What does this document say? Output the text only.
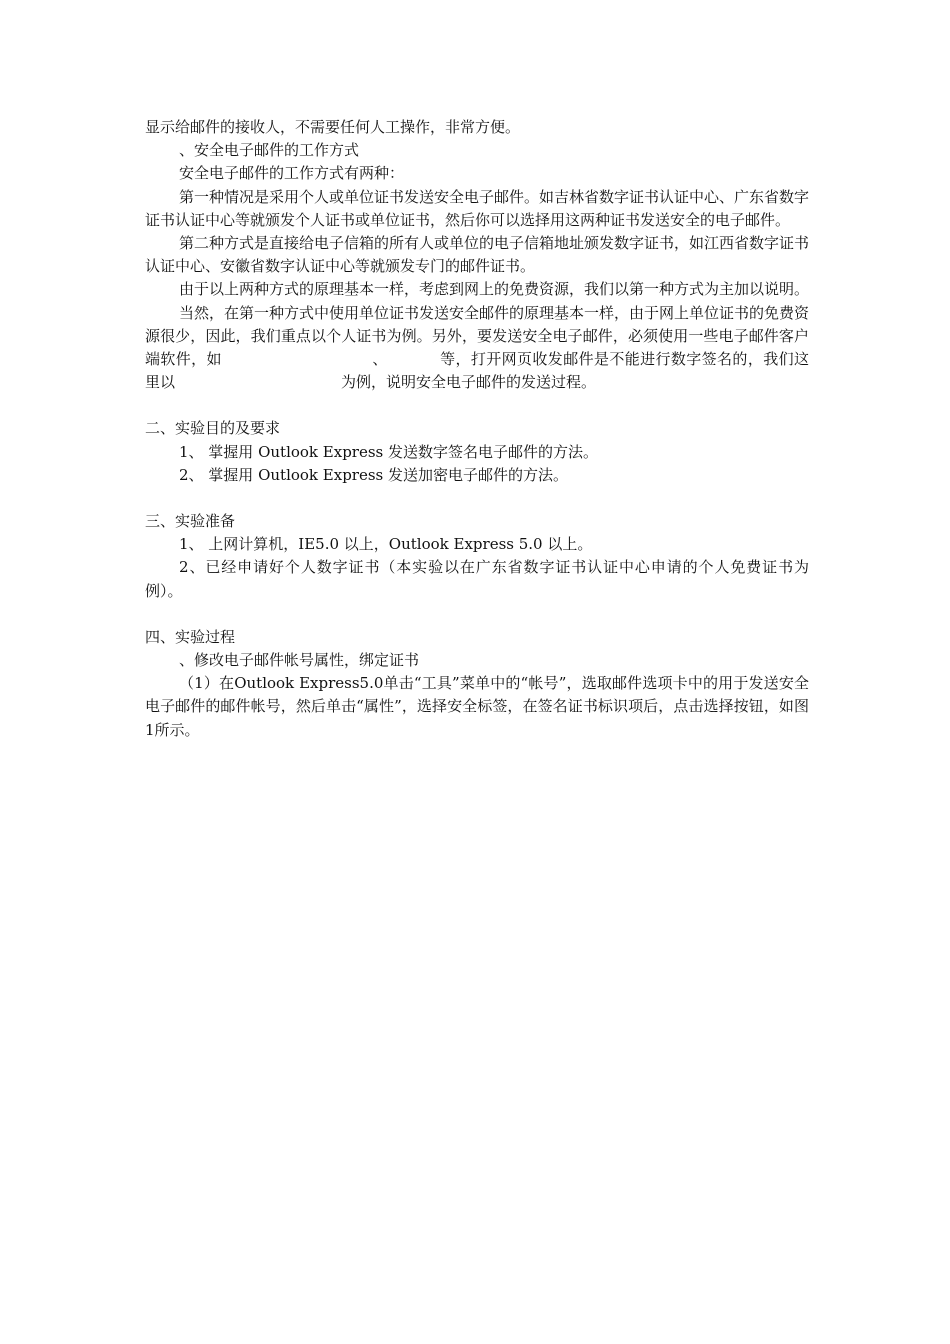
显示给邮件的接收人，不需要任何人工操作，非常方便。

、安全电子邮件的工作方式

安全电子邮件的工作方式有两种：

第一种情况是采用个人或单位证书发送安全电子邮件。如吉林省数字证书认证中心、广东省数字证书认证中心等就颁发个人证书或单位证书，然后你可以选择用这两种证书发送安全的电子邮件。

第二种方式是直接给电子信箱的所有人或单位的电子信箱地址颁发数字证书，如江西省数字证书认证中心、安徽省数字认证中心等就颁发专门的邮件证书。

由于以上两种方式的原理基本一样，考虑到网上的免费资源，我们以第一种方式为主加以说明。

当然，在第一种方式中使用单位证书发送安全邮件的原理基本一样，由于网上单位证书的免费资源很少，因此，我们重点以个人证书为例。另外，要发送安全电子邮件，必须使用一些电子邮件客户端软件，如	、	等，打开网页收发邮件是不能进行数字签名的，我们这里以	为例，说明安全电子邮件的发送过程。

二、实验目的及要求

1、 掌握用 Outlook Express 发送数字签名电子邮件的方法。

2、 掌握用 Outlook Express 发送加密电子邮件的方法。

三、实验准备

1、 上网计算机，IE5.0 以上，Outlook Express 5.0 以上。

2、已经申请好个人数字证书（本实验以在广东省数字证书认证中心申请的个人免费证书为例）。

四、实验过程

、修改电子邮件帐号属性，绑定证书

（1）在Outlook Express5.0单击“工具”菜单中的“帐号”，选取邮件选项卡中的用于发送安全电子邮件的邮件帐号，然后单击“属性”，选择安全标签，在签名证书标识项后，点击选择按钮，如图1所示。
